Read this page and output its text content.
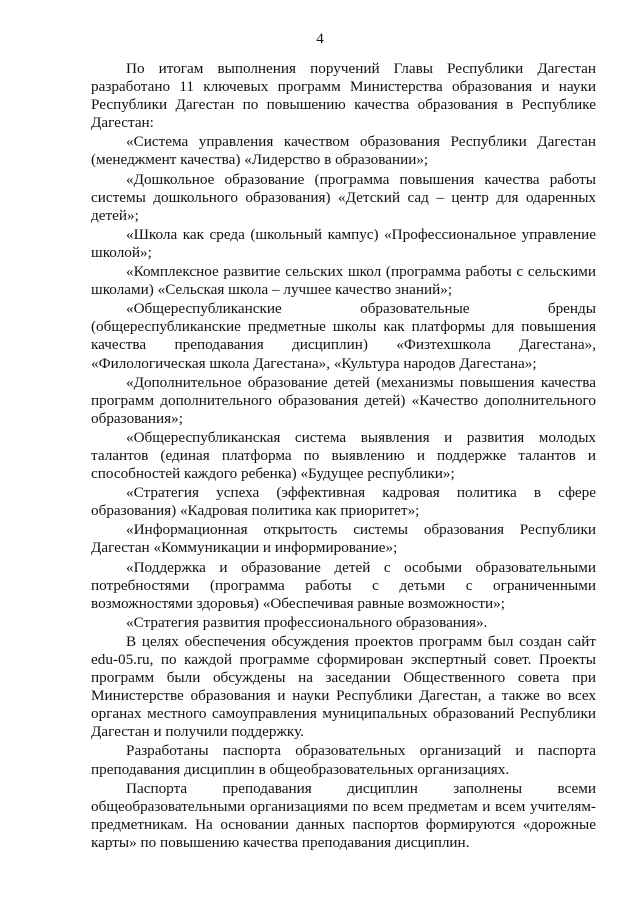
4

По итогам выполнения поручений Главы Республики Дагестан разработано 11 ключевых программ Министерства образования и науки Республики Дагестан по повышению качества образования в Республике Дагестан:

«Система управления качеством образования Республики Дагестан (менеджмент качества) «Лидерство в образовании»;

«Дошкольное образование (программа повышения качества работы системы дошкольного образования) «Детский сад – центр для одаренных детей»;

«Школа как среда (школьный кампус) «Профессиональное управление школой»;

«Комплексное развитие сельских школ (программа работы с сельскими школами) «Сельская школа – лучшее качество знаний»;

«Общереспубликанские образовательные бренды (общереспубликанские предметные школы как платформы для повышения качества преподавания дисциплин) «Физтехшкола Дагестана», «Филологическая школа Дагестана», «Культура народов Дагестана»;

«Дополнительное образование детей (механизмы повышения качества программ дополнительного образования детей) «Качество дополнительного образования»;

«Общереспубликанская система выявления и развития молодых талантов (единая платформа по выявлению и поддержке талантов и способностей каждого ребенка) «Будущее республики»;

«Стратегия успеха (эффективная кадровая политика в сфере образования) «Кадровая политика как приоритет»;

«Информационная открытость системы образования Республики Дагестан «Коммуникации и информирование»;

«Поддержка и образование детей с особыми образовательными потребностями (программа работы с детьми с ограниченными возможностями здоровья) «Обеспечивая равные возможности»;

«Стратегия развития профессионального образования».

В целях обеспечения обсуждения проектов программ был создан сайт edu-05.ru, по каждой программе сформирован экспертный совет. Проекты программ были обсуждены на заседании Общественного совета при Министерстве образования и науки Республики Дагестан, а также во всех органах местного самоуправления муниципальных образований Республики Дагестан и получили поддержку.

Разработаны паспорта образовательных организаций и паспорта преподавания дисциплин в общеобразовательных организациях.

Паспорта преподавания дисциплин заполнены всеми общеобразовательными организациями по всем предметам и всем учителям-предметникам. На основании данных паспортов формируются «дорожные карты» по повышению качества преподавания дисциплин.
